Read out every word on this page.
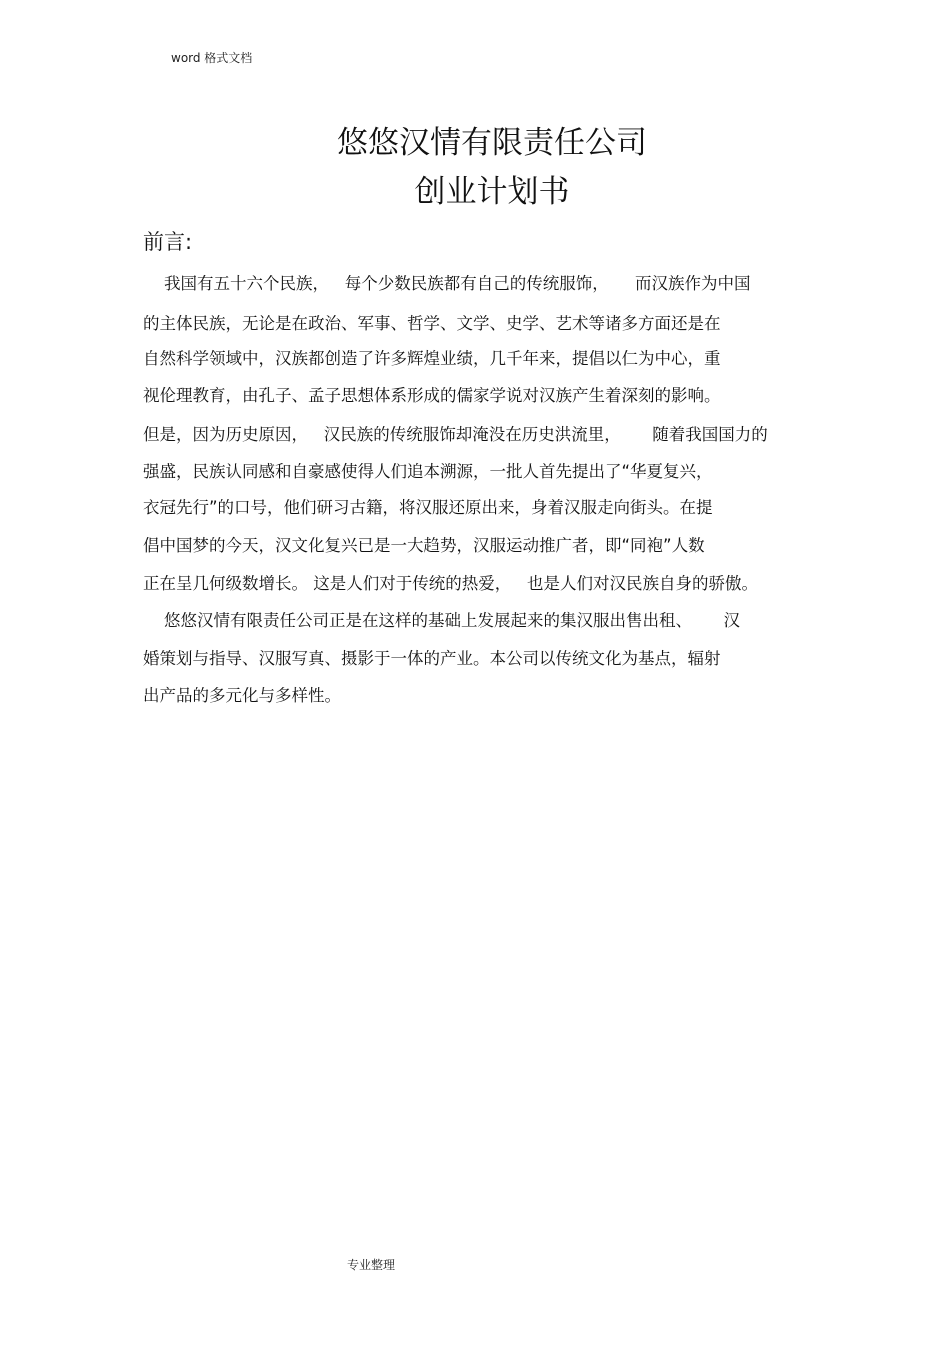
word 格式文档
悠悠汉情有限责任公司
创业计划书
前言:
我国有五十六个民族，   每个少数民族都有自己的传统服饰，     而汉族作为中国
的主体民族，无论是在政治、军事、哲学、文学、史学、艺术等诸多方面还是在
自然科学领域中，汉族都创造了许多辉煌业绩，几千年来，提倡以仁为中心，重
视伦理教育，由孔子、孟子思想体系形成的儒家学说对汉族产生着深刻的影响。
但是，因为历史原因，   汉民族的传统服饰却淹没在历史洪流里，      随着我国国力的
强盛，民族认同感和自豪感使得人们追本溯源，一批人首先提出了“华夏复兴，
衣冠先行”的口号，他们研习古籍，将汉服还原出来，身着汉服走向街头。在提
倡中国梦的今天，汉文化复兴已是一大趋势，汉服运动推广者，即“同袍”人数
正在呈几何级数增长。 这是人们对于传统的热爱，   也是人们对汉民族自身的骄傲。
悠悠汉情有限责任公司正是在这样的基础上发展起来的集汉服出售出租、      汉
婚策划与指导、汉服写真、摄影于一体的产业。本公司以传统文化为基点，辐射
出产品的多元化与多样性。
专业整理
